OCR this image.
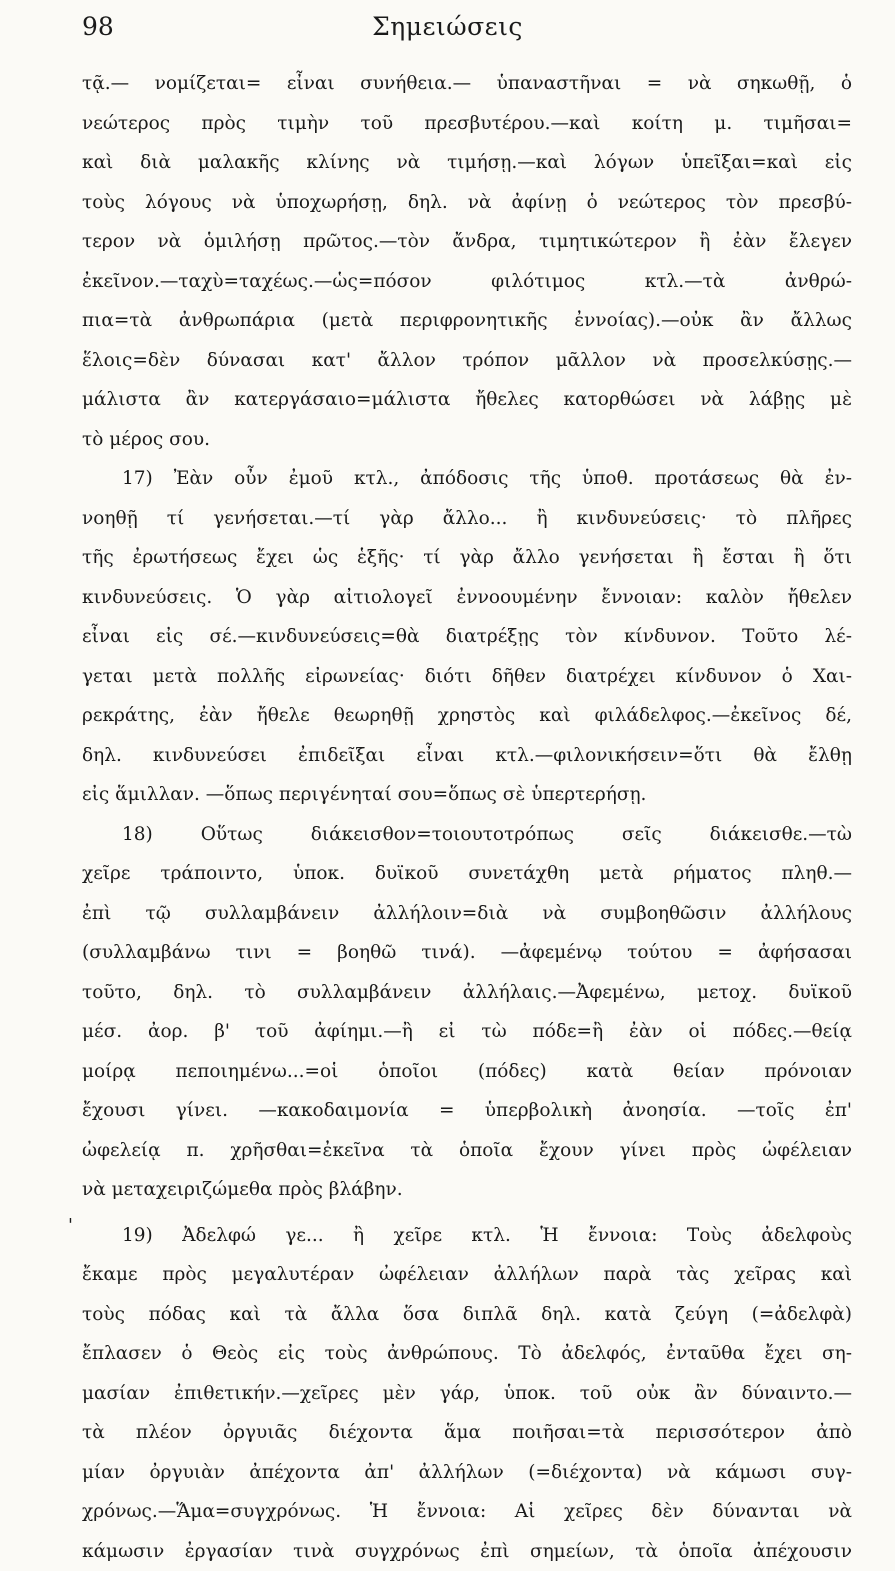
98	Σημειώσεις
'
τᾷ.— νομίζεται= εἶναι συνήθεια.— ὑπαναστῆναι = νὰ σηκωθῇ, ὁ
νεώτερος πρὸς τιμὴν τοῦ πρεσβυτέρου.—καὶ κοίτη μ. τιμῆσαι=
καὶ διὰ μαλακῆς κλίνης νὰ τιμήσῃ.—καὶ λόγων ὑπεῖξαι=καὶ εἰς
τοὺς λόγους νὰ ὑποχωρήσῃ, δηλ. νὰ ἀφίνῃ ὁ νεώτερος τὸν πρεσβύ-
τερον νὰ ὁμιλήσῃ πρῶτος.—τὸν ἄνδρα, τιμητικώτερον ἢ ἐὰν ἔλεγεν
ἐκεῖνον.—ταχὺ=ταχέως.—ὡς=πόσον φιλότιμος κτλ.—τὰ ἀνθρώ-
πια=τὰ ἀνθρωπάρια (μετὰ περιφρονητικῆς ἐννοίας).—οὐκ ἂν ἄλλως
ἕλοις=δὲν δύνασαι κατ' ἄλλον τρόπον μᾶλλον νὰ προσελκύσῃς.—
μάλιστα ἂν κατεργάσαιο=μάλιστα ἤθελες κατορθώσει νὰ λάβῃς μὲ
τὸ μέρος σου.
17) Ἐὰν οὖν ἐμοῦ κτλ., ἀπόδοσις τῆς ὑποθ. προτάσεως θὰ ἐν-
νοηθῇ τί γενήσεται.—τί γὰρ ἄλλο... ἢ κινδυνεύσεις· τὸ πλῆρες
τῆς ἐρωτήσεως ἔχει ὡς ἑξῆς· τί γὰρ ἄλλο γενήσεται ἢ ἔσται ἢ ὅτι
κινδυνεύσεις. Ὁ γὰρ αἰτιολογεῖ ἐννοουμένην ἔννοιαν: καλὸν ἤθελεν
εἶναι εἰς σέ.—κινδυνεύσεις=θὰ διατρέξῃς τὸν κίνδυνον. Τοῦτο λέ-
γεται μετὰ πολλῆς εἰρωνείας· διότι δῆθεν διατρέχει κίνδυνον ὁ Χαι-
ρεκράτης, ἐὰν ἤθελε θεωρηθῇ χρηστὸς καὶ φιλάδελφος.—ἐκεῖνος δέ,
δηλ. κινδυνεύσει ἐπιδεῖξαι εἶναι κτλ.—φιλονικήσειν=ὅτι θὰ ἔλθῃ
εἰς ἅμιλλαν. —ὅπως περιγένηταί σου=ὅπως σὲ ὑπερτερήσῃ.
18) Οὕτως διάκεισθον=τοιουτοτρόπως σεῖς διάκεισθε.—τὼ
χεῖρε τράποιντο, ὑποκ. δυϊκοῦ συνετάχθη μετὰ ρήματος πληθ.—
ἐπὶ τῷ συλλαμβάνειν ἀλλήλοιν=διὰ νὰ συμβοηθῶσιν ἀλλήλους
(συλλαμβάνω τινι = βοηθῶ τινά). —ἀφεμένῳ τούτου = ἀφήσασαι
τοῦτο, δηλ. τὸ συλλαμβάνειν ἀλλήλαις.—Ἀφεμένω, μετοχ. δυϊκοῦ
μέσ. ἀορ. β' τοῦ ἀφίημι.—ἢ εἰ τὼ πόδε=ἢ ἐὰν οἱ πόδες.—θείᾳ
μοίρᾳ πεποιημένω...=οἱ ὁποῖοι (πόδες) κατὰ θείαν πρόνοιαν
ἔχουσι γίνει. —κακοδαιμονία = ὑπερβολικὴ ἀνοησία. —τοῖς ἐπ'
ὠφελείᾳ π. χρῆσθαι=ἐκεῖνα τὰ ὁποῖα ἔχουν γίνει πρὸς ὠφέλειαν
νὰ μεταχειριζώμεθα πρὸς βλάβην.
19) Ἀδελφώ γε... ἢ χεῖρε κτλ. Ἡ ἔννοια: Τοὺς ἀδελφοὺς
ἔκαμε πρὸς μεγαλυτέραν ὠφέλειαν ἀλλήλων παρὰ τὰς χεῖρας καὶ
τοὺς πόδας καὶ τὰ ἄλλα ὅσα διπλᾶ δηλ. κατὰ ζεύγη (=ἀδελφὰ)
ἔπλασεν ὁ Θεὸς εἰς τοὺς ἀνθρώπους. Τὸ ἀδελφός, ἐνταῦθα ἔχει ση-
μασίαν ἐπιθετικήν.—χεῖρες μὲν γάρ, ὑποκ. τοῦ οὐκ ἂν δύναιντο.—
τὰ πλέον ὀργυιᾶς διέχοντα ἅμα ποιῆσαι=τὰ περισσότερον ἀπὸ
μίαν ὀργυιὰν ἀπέχοντα ἀπ' ἀλλήλων (=διέχοντα) νὰ κάμωσι συγ-
χρόνως.—Ἅμα=συγχρόνως. Ἡ ἔννοια: Αἱ χεῖρες δὲν δύνανται νὰ
κάμωσιν ἐργασίαν τινὰ συγχρόνως ἐπὶ σημείων, τὰ ὁποῖα ἀπέχουσιν
